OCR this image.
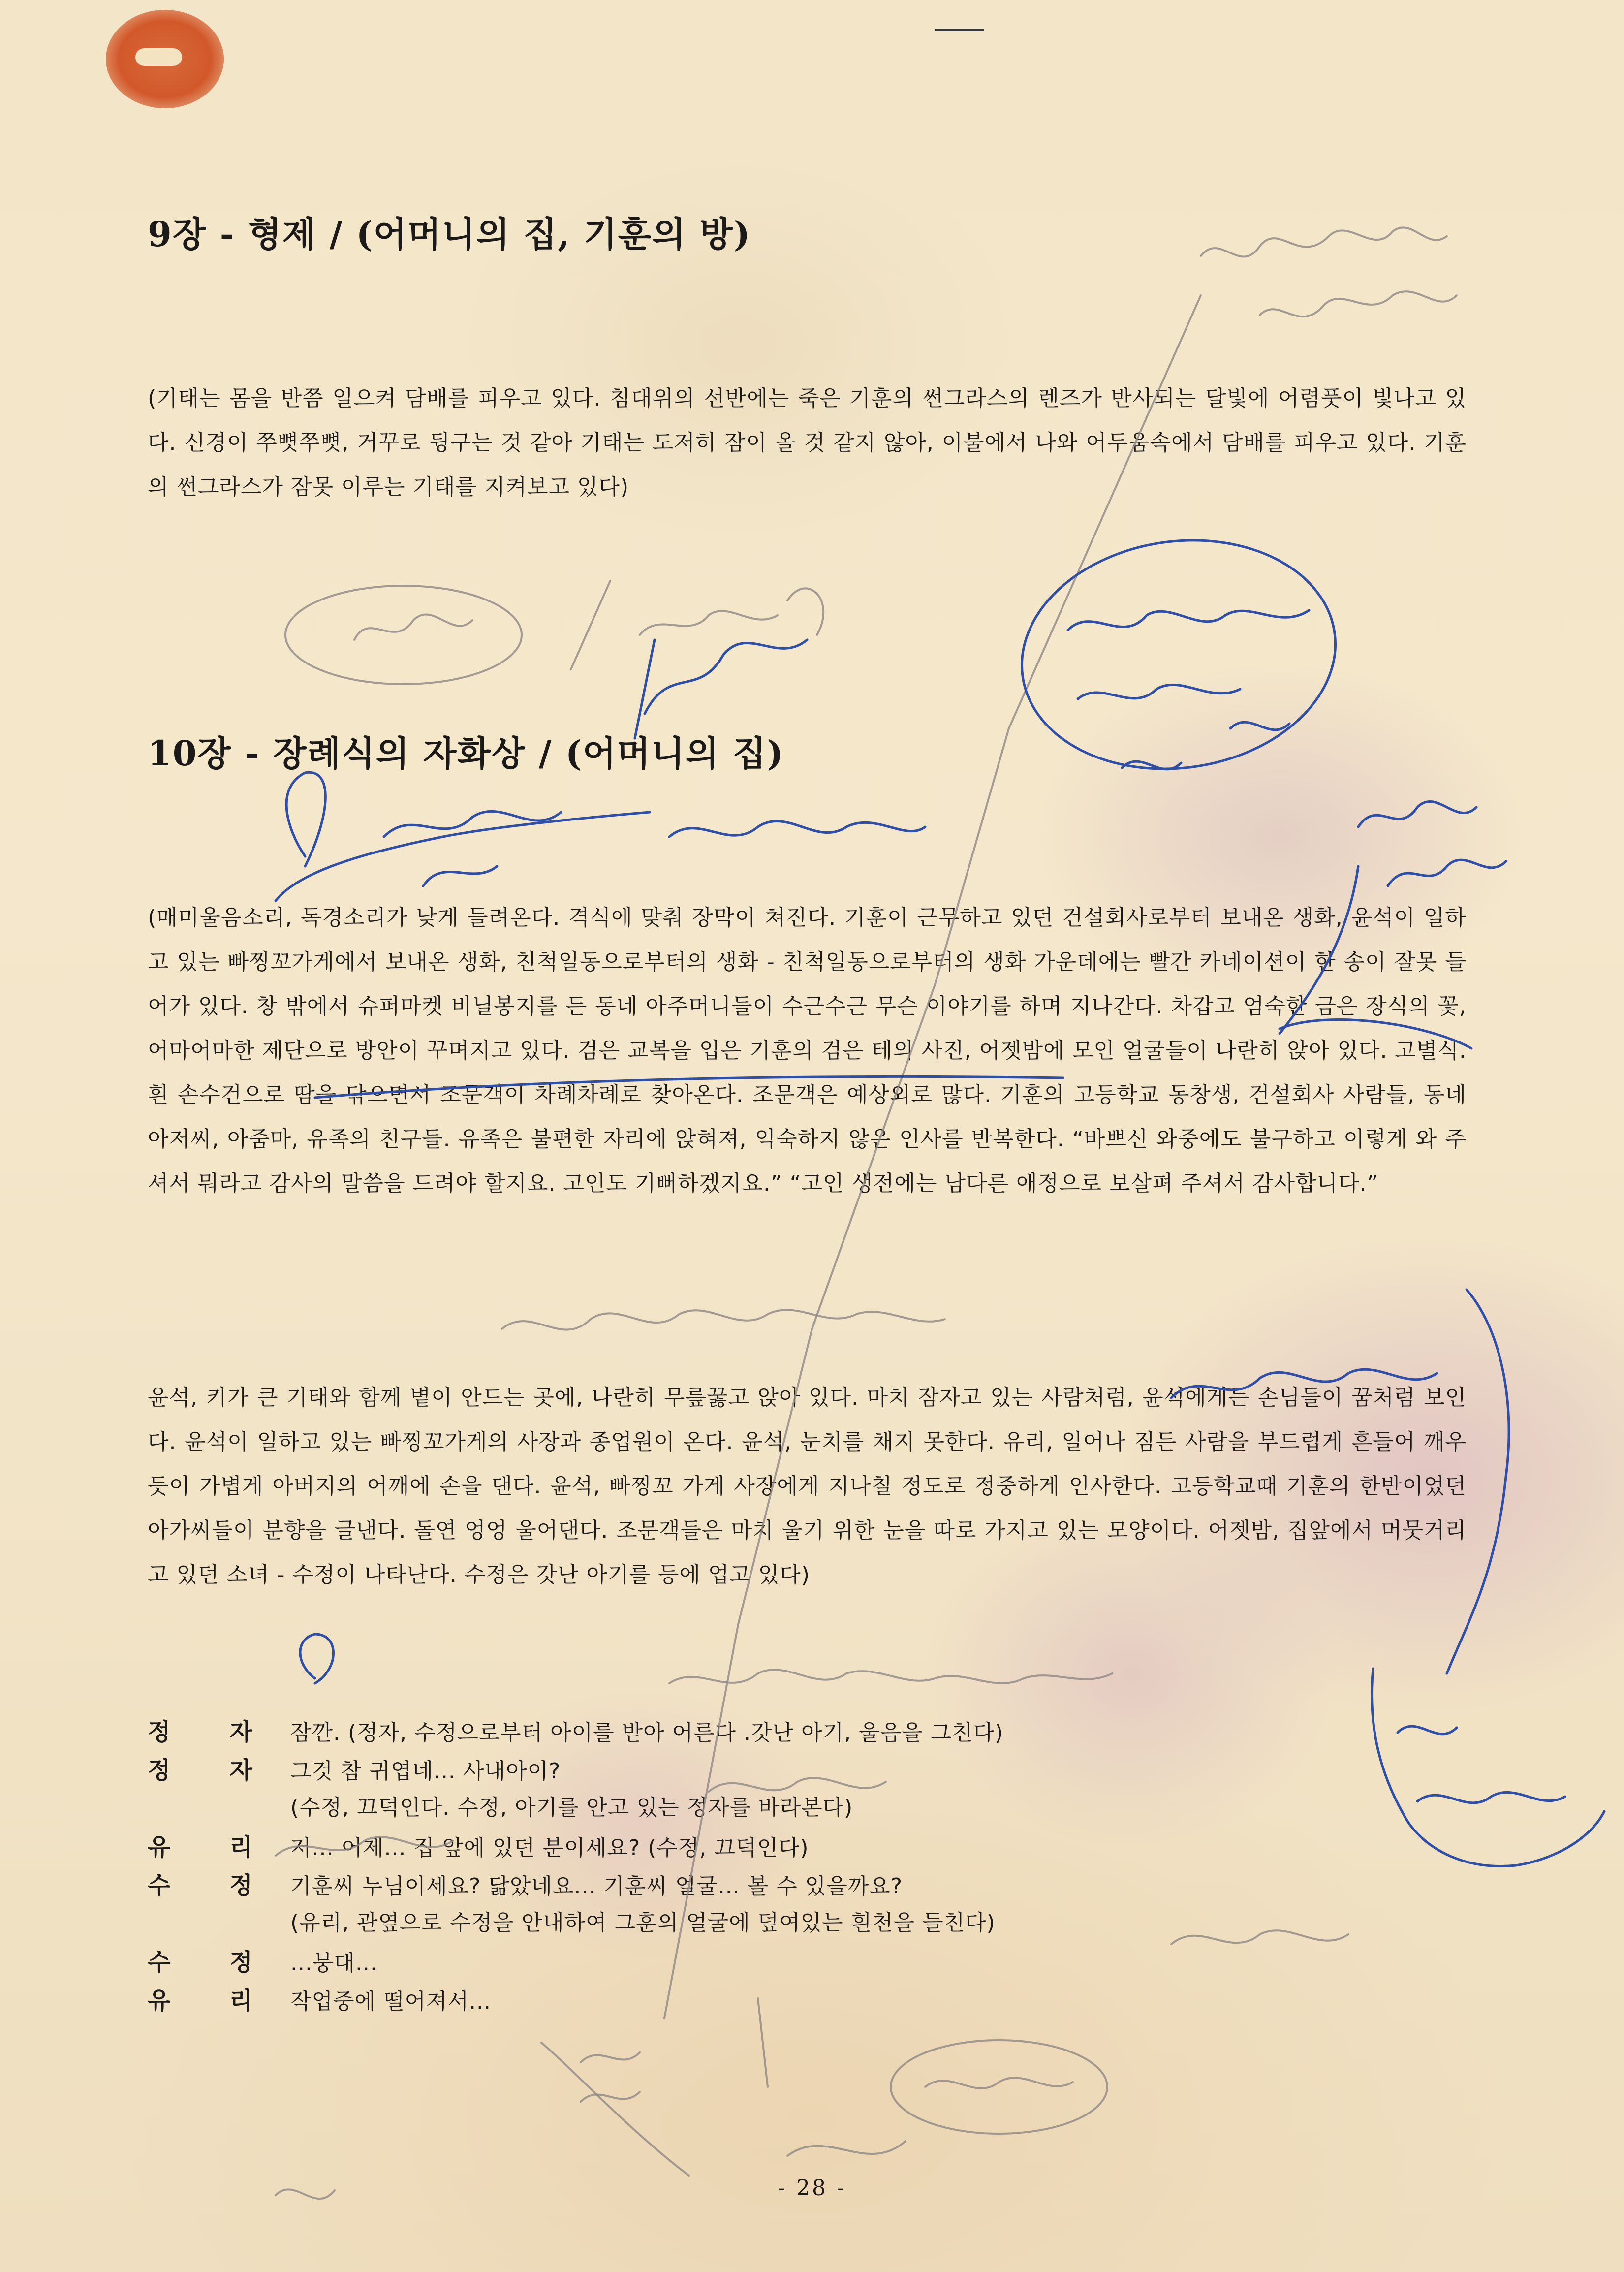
9장 - 형제 / (어머니의 집, 기훈의 방)

(기태는 몸을 반쯤 일으켜 담배를 피우고 있다. 침대위의 선반에는 죽은 기훈의 썬그라스의 렌즈가 반사되는 달빛에 어렴풋이 빛나고 있다. 신경이 쭈뼛쭈뼛, 거꾸로 뒹구는 것 같아 기태는 도저히 잠이 올 것 같지 않아, 이불에서 나와 어두움속에서 담배를 피우고 있다. 기훈의 썬그라스가 잠못 이루는 기태를 지켜보고 있다)

10장 - 장례식의 자화상 / (어머니의 집)

(매미울음소리, 독경소리가 낮게 들려온다. 격식에 맞춰 장막이 쳐진다. 기훈이 근무하고 있던 건설회사로부터 보내온 생화, 윤석이 일하고 있는 빠찡꼬가게에서 보내온 생화, 친척일동으로부터의 생화 - 친척일동으로부터의 생화 가운데에는 빨간 카네이션이 한 송이 잘못 들어가 있다. 창 밖에서 슈퍼마켓 비닐봉지를 든 동네 아주머니들이 수근수근 무슨 이야기를 하며 지나간다. 차갑고 엄숙한 금은 장식의 꽃, 어마어마한 제단으로 방안이 꾸며지고 있다. 검은 교복을 입은 기훈의 검은 테의 사진, 어젯밤에 모인 얼굴들이 나란히 앉아 있다. 고별식. 흰 손수건으로 땀을 닦으면서 조문객이 차례차례로 찾아온다. 조문객은 예상외로 많다. 기훈의 고등학교 동창생, 건설회사 사람들, 동네 아저씨, 아줌마, 유족의 친구들. 유족은 불편한 자리에 앉혀져, 익숙하지 않은 인사를 반복한다. “바쁘신 와중에도 불구하고 이렇게 와 주셔서 뭐라고 감사의 말씀을 드려야 할지요. 고인도 기뻐하겠지요.” “고인 생전에는 남다른 애정으로 보살펴 주셔서 감사합니다.”

윤석, 키가 큰 기태와 함께 볕이 안드는 곳에, 나란히 무릎꿇고 앉아 있다. 마치 잠자고 있는 사람처럼, 윤석에게는 손님들이 꿈처럼 보인다. 윤석이 일하고 있는 빠찡꼬가게의 사장과 종업원이 온다. 윤석, 눈치를 채지 못한다. 유리, 일어나 짐든 사람을 부드럽게 흔들어 깨우듯이 가볍게 아버지의 어깨에 손을 댄다. 윤석, 빠찡꼬 가게 사장에게 지나칠 정도로 정중하게 인사한다. 고등학교때 기훈의 한반이었던 아가씨들이 분향을 글낸다. 돌연 엉엉 울어댄다. 조문객들은 마치 울기 위한 눈을 따로 가지고 있는 모양이다. 어젯밤, 집앞에서 머뭇거리고 있던 소녀 - 수정이 나타난다. 수정은 갓난 아기를 등에 업고 있다)

정자
잠깐. (정자, 수정으로부터 아이를 받아 어른다 .갓난 아기, 울음을 그친다)
정자
그것 참 귀엽네... 사내아이?
(수정, 끄덕인다. 수정, 아기를 안고 있는 정자를 바라본다)
유리
저... 어제... 집 앞에 있던 분이세요? (수정, 끄덕인다)
수정
기훈씨 누님이세요? 닮았네요... 기훈씨 얼굴... 볼 수 있을까요?
(유리, 관옆으로 수정을 안내하여 그훈의 얼굴에 덮여있는 흰천을 들친다)
수정
...붕대...
유리
작업중에 떨어져서...
- 28 -
